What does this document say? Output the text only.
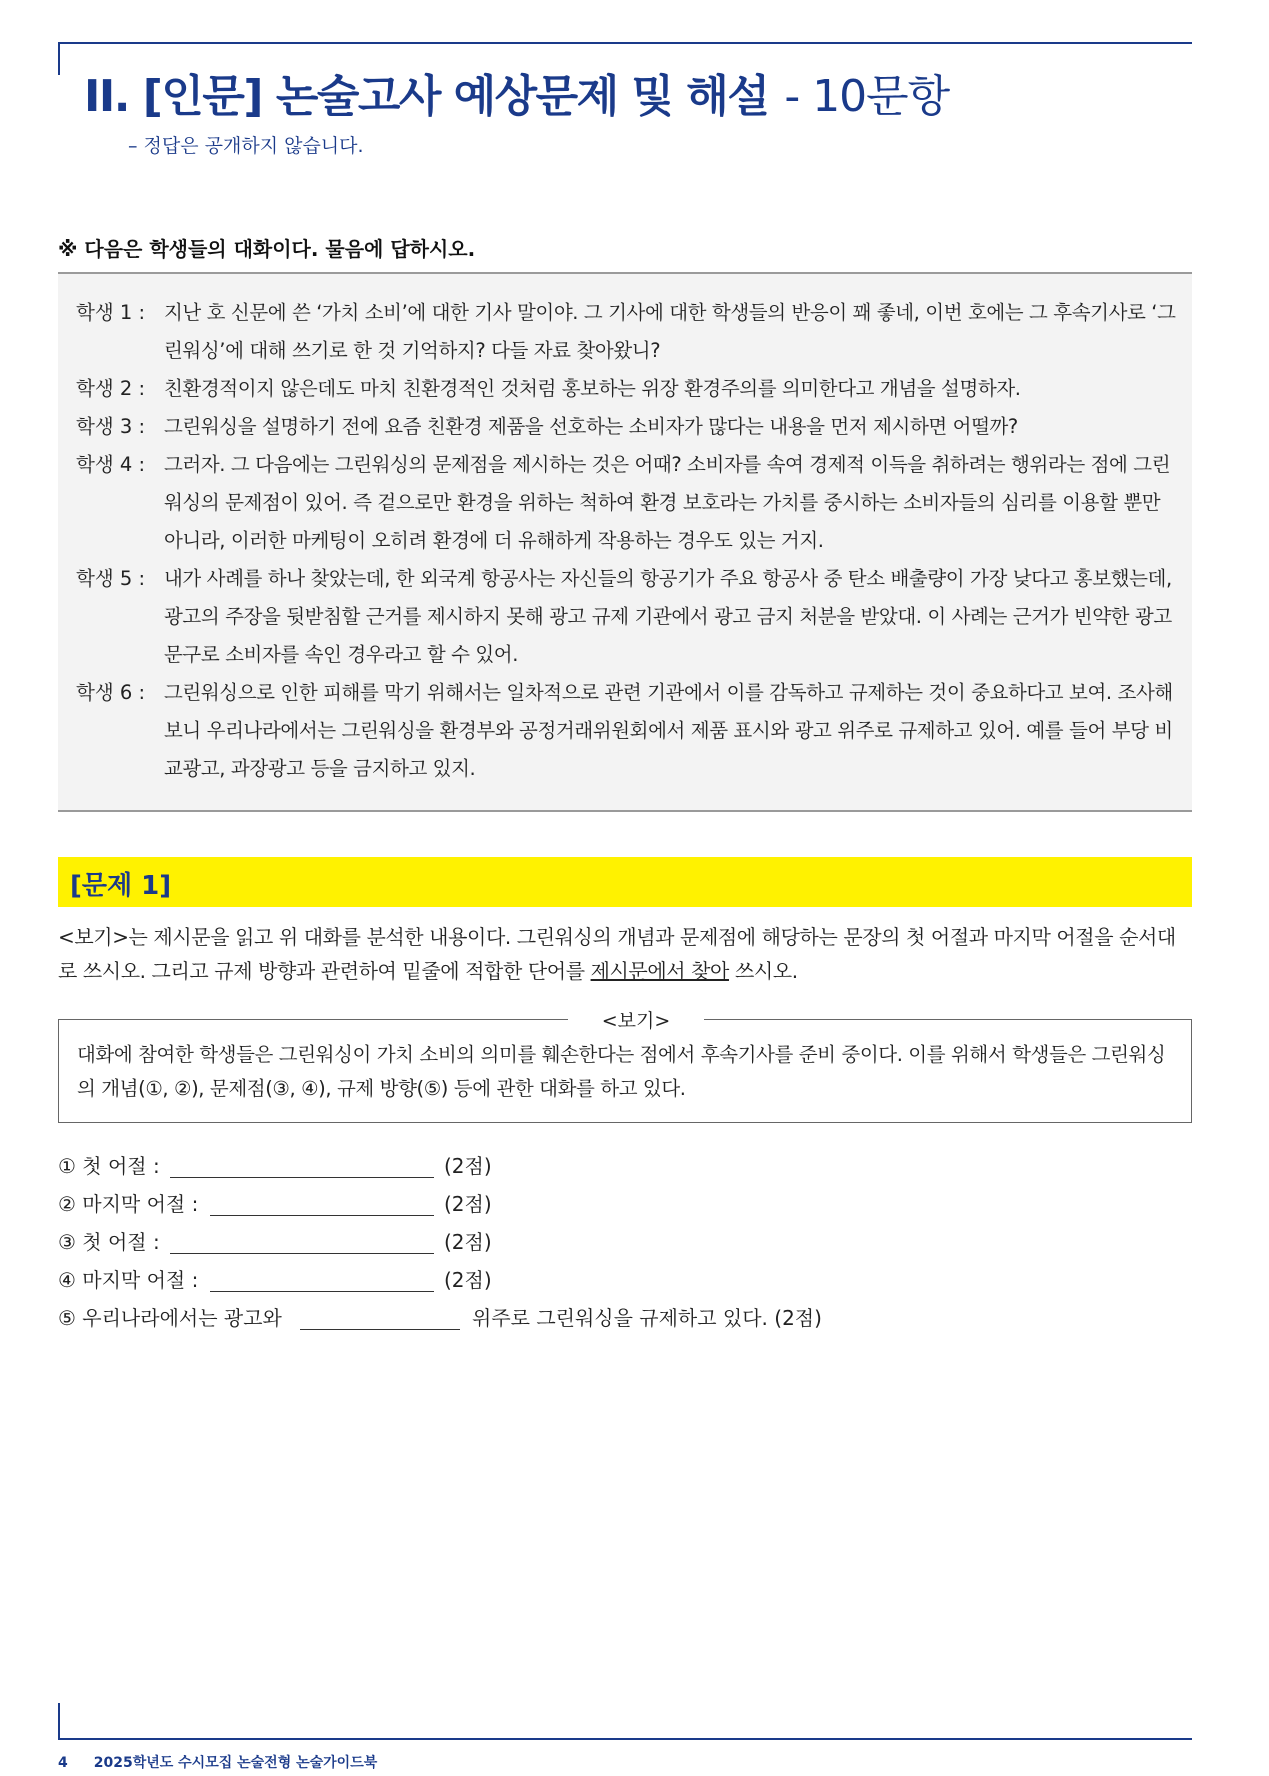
II. [인문] 논술고사 예상문제 및 해설 - 10문항
– 정답은 공개하지 않습니다.
※ 다음은 학생들의 대화이다. 물음에 답하시오.
학생 1 : 지난 호 신문에 쓴 ‘가치 소비’에 대한 기사 말이야. 그 기사에 대한 학생들의 반응이 꽤 좋네, 이번 호에는 그 후속기사로 ‘그린워싱’에 대해 쓰기로 한 것 기억하지? 다들 자료 찾아왔니?
학생 2 : 친환경적이지 않은데도 마치 친환경적인 것처럼 홍보하는 위장 환경주의를 의미한다고 개념을 설명하자.
학생 3 : 그린워싱을 설명하기 전에 요즘 친환경 제품을 선호하는 소비자가 많다는 내용을 먼저 제시하면 어떨까?
학생 4 : 그러자. 그 다음에는 그린워싱의 문제점을 제시하는 것은 어때? 소비자를 속여 경제적 이득을 취하려는 행위라는 점에 그린워싱의 문제점이 있어. 즉 겉으로만 환경을 위하는 척하여 환경 보호라는 가치를 중시하는 소비자들의 심리를 이용할 뿐만 아니라, 이러한 마케팅이 오히려 환경에 더 유해하게 작용하는 경우도 있는 거지.
학생 5 : 내가 사례를 하나 찾았는데, 한 외국계 항공사는 자신들의 항공기가 주요 항공사 중 탄소 배출량이 가장 낮다고 홍보했는데, 광고의 주장을 뒷받침할 근거를 제시하지 못해 광고 규제 기관에서 광고 금지 처분을 받았대. 이 사례는 근거가 빈약한 광고 문구로 소비자를 속인 경우라고 할 수 있어.
학생 6 : 그린워싱으로 인한 피해를 막기 위해서는 일차적으로 관련 기관에서 이를 감독하고 규제하는 것이 중요하다고 보여. 조사해 보니 우리나라에서는 그린워싱을 환경부와 공정거래위원회에서 제품 표시와 광고 위주로 규제하고 있어. 예를 들어 부당 비교광고, 과장광고 등을 금지하고 있지.
[문제 1]
<보기>는 제시문을 읽고 위 대화를 분석한 내용이다. 그린워싱의 개념과 문제점에 해당하는 문장의 첫 어절과 마지막 어절을 순서대로 쓰시오. 그리고 규제 방향과 관련하여 밑줄에 적합한 단어를 제시문에서 찾아 쓰시오.
대화에 참여한 학생들은 그린워싱이 가치 소비의 의미를 훼손한다는 점에서 후속기사를 준비 중이다. 이를 위해서 학생들은 그린워싱의 개념(①, ②), 문제점(③, ④), 규제 방향(⑤) 등에 관한 대화를 하고 있다.
<보기>
① 첫 어절 :	(2점)
② 마지막 어절 :	(2점)
③ 첫 어절 :	(2점)
④ 마지막 어절 :	(2점)
⑤ 우리나라에서는 광고와	위주로 그린워싱을 규제하고 있다. (2점)
4 2025학년도 수시모집 논술전형 논술가이드북
